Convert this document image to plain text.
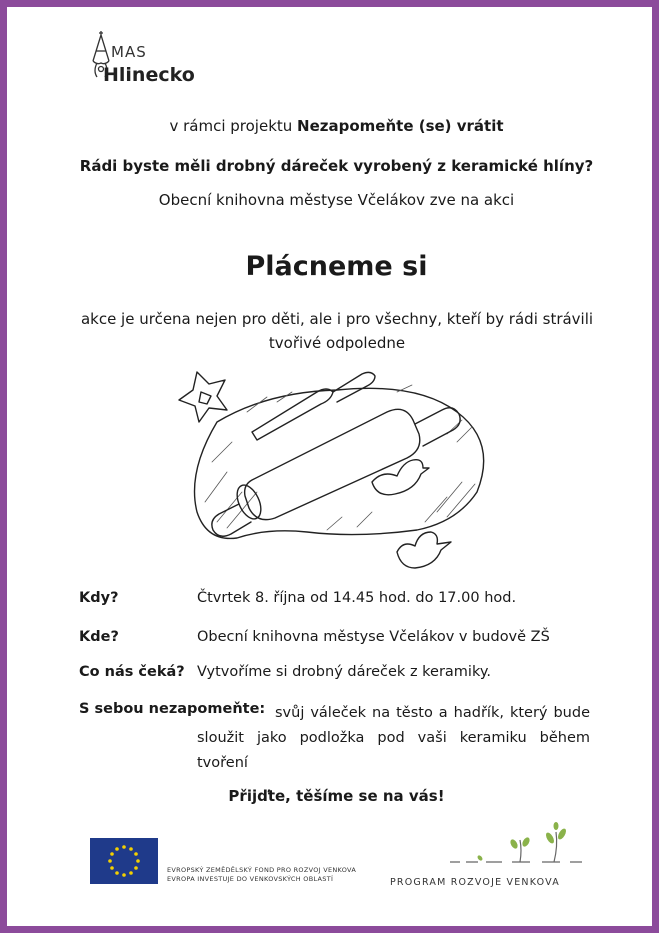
MAS
Hlinecko
v rámci projektu Nezapomeňte (se) vrátit
Rádi byste měli drobný dáreček vyrobený z keramické hlíny?
Obecní knihovna městyse Včelákov zve na akci
Plácneme si
akce je určena nejen pro děti, ale i pro všechny, kteří by rádi strávili tvořivé odpoledne
Kdy?	Čtvrtek 8. října od 14.45 hod. do 17.00 hod.
Kde?	Obecní knihovna městyse Včelákov v budově ZŠ
Co nás čeká? Vytvoříme si drobný dáreček z keramiky.
S sebou nezapomeňte: svůj váleček na těsto a hadřík, který bude sloužit jako podložka pod vaši keramiku během tvoření
Přijďte, těšíme se na vás!
EVROPSKÝ ZEMĚDĚLSKÝ FOND PRO ROZVOJ VENKOVA
EVROPA INVESTUJE DO VENKOVSKÝCH OBLASTÍ	PROGRAM ROZVOJE VENKOVA
